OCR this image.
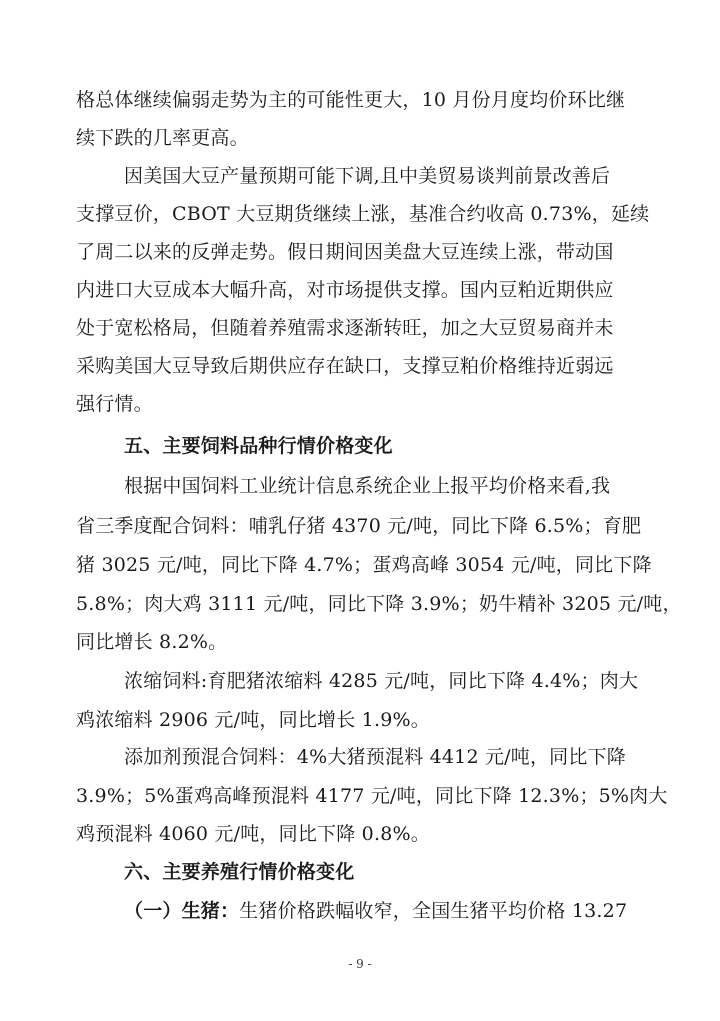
格总体继续偏弱走势为主的可能性更大，10 月份月度均价环比继
续下跌的几率更高。
因美国大豆产量预期可能下调,且中美贸易谈判前景改善后
支撑豆价，CBOT 大豆期货继续上涨，基准合约收高 0.73%，延续
了周二以来的反弹走势。假日期间因美盘大豆连续上涨，带动国
内进口大豆成本大幅升高，对市场提供支撑。国内豆粕近期供应
处于宽松格局，但随着养殖需求逐渐转旺，加之大豆贸易商并未
采购美国大豆导致后期供应存在缺口，支撑豆粕价格维持近弱远
强行情。
五、主要饲料品种行情价格变化
根据中国饲料工业统计信息系统企业上报平均价格来看,我
省三季度配合饲料：哺乳仔猪 4370 元/吨，同比下降 6.5%；育肥
猪 3025 元/吨，同比下降 4.7%；蛋鸡高峰 3054 元/吨，同比下降
5.8%；肉大鸡 3111 元/吨，同比下降 3.9%；奶牛精补 3205 元/吨，
同比增长 8.2%。
浓缩饲料:育肥猪浓缩料 4285 元/吨，同比下降 4.4%；肉大
鸡浓缩料 2906 元/吨，同比增长 1.9%。
添加剂预混合饲料：4%大猪预混料 4412 元/吨，同比下降
3.9%；5%蛋鸡高峰预混料 4177 元/吨，同比下降 12.3%；5%肉大
鸡预混料 4060 元/吨，同比下降 0.8%。
六、主要养殖行情价格变化
（一）生猪：生猪价格跌幅收窄，全国生猪平均价格 13.27
- 9 -
